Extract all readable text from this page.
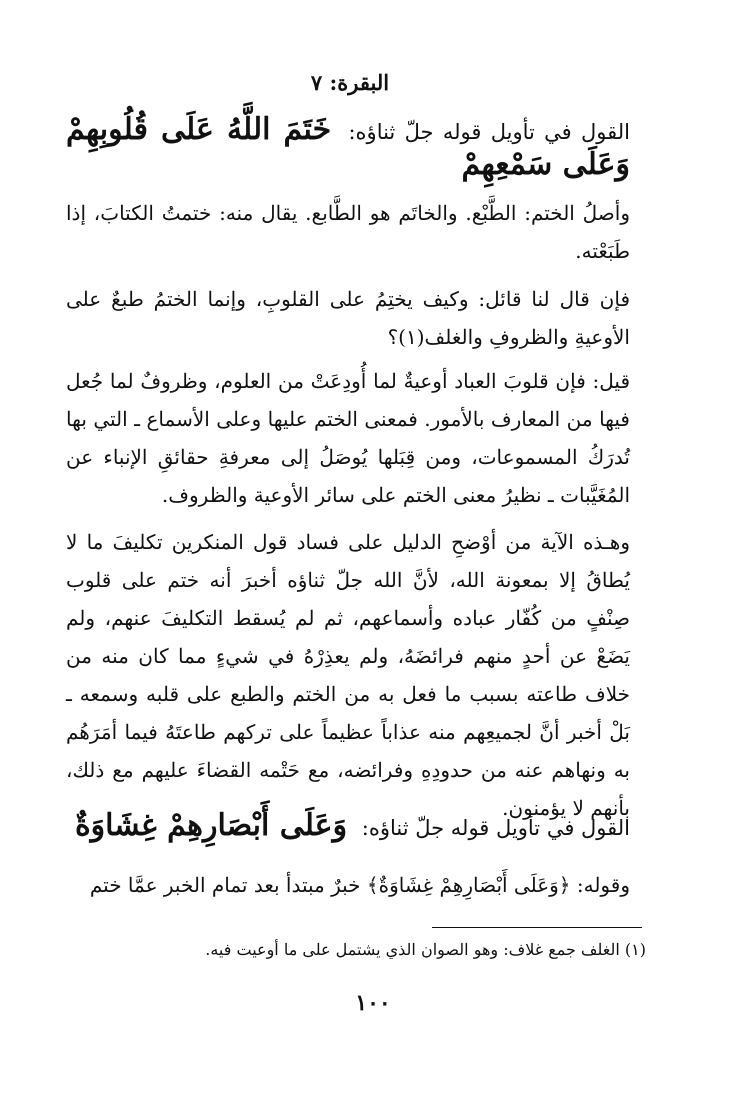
البقرة: ٧
القول في تأويل قوله جلّ ثناؤه: خَتَمَ اللَّهُ عَلَى قُلُوبِهِمْ وَعَلَى سَمْعِهِمْ

وأصلُ الختم: الطَّبْع. والخاتَم هو الطَّابع. يقال منه: ختمتُ الكتابَ، إذا طَبَعْته.

فإن قال لنا قائل: وكيف يختِمُ على القلوبِ، وإنما الختمُ طبعٌ على الأوعيةِ والظروفِ والغلف(١)؟

قيل: فإن قلوبَ العباد أوعيةٌ لما أُودِعَتْ من العلوم، وظروفٌ لما جُعل فيها من المعارف بالأمور. فمعنى الختم عليها وعلى الأسماع ـ التي بها تُدرَكُ المسموعات، ومن قِبَلها يُوصَلُ إلى معرفةِ حقائقِ الإنباء عن المُغَيَّبات ـ نظيرُ معنى الختم على سائر الأوعية والظروف.

وهـذه الآية من أوْضحِ الدليل على فساد قول المنكرين تكليفَ ما لا يُطاقُ إلا بمعونة الله، لأنَّ الله جلّ ثناؤه أخبرَ أنه ختم على قلوب صِنْفٍ من كُفّار عباده وأسماعهم، ثم لم يُسقط التكليفَ عنهم، ولم يَضَعْ عن أحدٍ منهم فرائضَهُ، ولم يعذِرْهُ في شيءٍ مما كان منه من خلاف طاعته بسبب ما فعل به من الختم والطبع على قلبه وسمعه ـ بَلْ أخبر أنَّ لجميعِهم منه عذاباً عظيماً على تركهم طاعتَهُ فيما أمَرَهُم به ونهاهم عنه من حدودِهِ وفرائضه، مع حَتْمه القضاءَ عليهم مع ذلك، بأنهم لا يؤمنون.

القول في تأويل قوله جلّ ثناؤه: وَعَلَى أَبْصَارِهِمْ غِشَاوَةٌ

وقوله: ﴿وَعَلَى أَبْصَارِهِمْ غِشَاوَةٌ﴾ خبرٌ مبتدأ بعد تمام الخبر عمَّا ختم

(١) الغلف جمع غلاف: وهو الصوان الذي يشتمل على ما أوعيت فيه.
١٠٠
